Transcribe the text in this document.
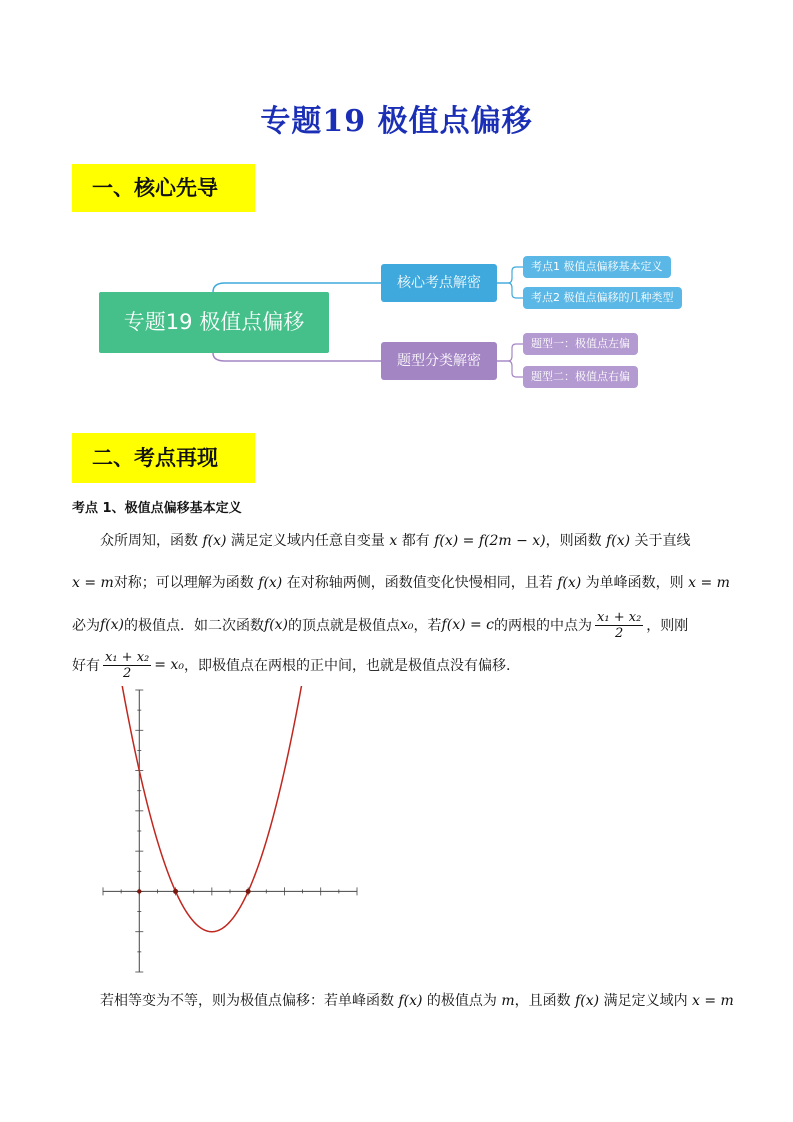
专题19 极值点偏移
一、核心先导
专题19 极值点偏移
核心考点解密
考点1 极值点偏移基本定义
考点2 极值点偏移的几种类型
题型分类解密
题型一：极值点左偏
题型二：极值点右偏
二、考点再现
考点 1、极值点偏移基本定义
众所周知，函数 f(x) 满足定义域内任意自变量 x 都有 f(x) = f(2m − x)，则函数 f(x) 关于直线
x = m对称；可以理解为函数 f(x) 在对称轴两侧，函数值变化快慢相同，且若 f(x) 为单峰函数，则 x = m
必为 f(x) 的极值点．如二次函数 f(x) 的顶点就是极值点 x₀ ，若 f(x) = c 的两根的中点为 $\frac{\text{x₁ + x₂}}{2}$ ，则刚
好有 $\frac{\text{x₁ + x₂}}{2} = x_0$ ，即极值点在两根的正中间，也就是极值点没有偏移.
若相等变为不等，则为极值点偏移：若单峰函数 f(x) 的极值点为 m，且函数 f(x) 满足定义域内 x = m
